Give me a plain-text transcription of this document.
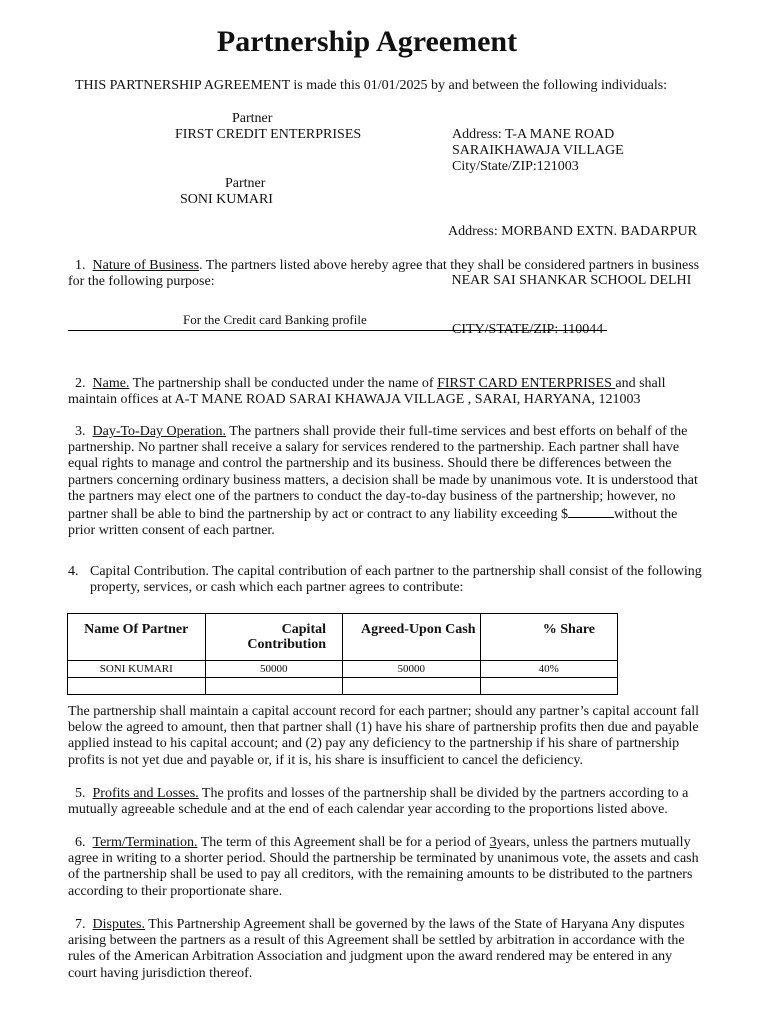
Partnership Agreement
THIS PARTNERSHIP AGREEMENT is made this 01/01/2025 by and between the following individuals:
Partner
FIRST CREDIT ENTERPRISES	Address: T-A MANE ROAD
SARAIKHAWAJA VILLAGE
City/State/ZIP:121003
Partner
SONI KUMARI

Address: MORBAND EXTN. BADARPUR

NEAR SAI SHANKAR SCHOOL DELHI

CITY/STATE/ZIP: 110044

1. Nature of Business. The partners listed above hereby agree that they shall be considered partners in business for the following purpose:
For the Credit card Banking profile
2. Name. The partnership shall be conducted under the name of FIRST CARD ENTERPRISES and shall maintain offices at A-T MANE ROAD SARAI KHAWAJA VILLAGE , SARAI, HARYANA, 121003
3. Day-To-Day Operation. The partners shall provide their full-time services and best efforts on behalf of the partnership. No partner shall receive a salary for services rendered to the partnership. Each partner shall have equal rights to manage and control the partnership and its business. Should there be differences between the partners concerning ordinary business matters, a decision shall be made by unanimous vote. It is understood that the partners may elect one of the partners to conduct the day-to-day business of the partnership; however, no partner shall be able to bind the partnership by act or contract to any liability exceeding $	without the prior written consent of each partner.
4. Capital Contribution. The capital contribution of each partner to the partnership shall consist of the following property, services, or cash which each partner agrees to contribute:
Name Of Partner	Capital Contribution	Agreed-Upon Cash	% Share
SONI KUMARI	50000	50000	40%

The partnership shall maintain a capital account record for each partner; should any partner’s capital account fall below the agreed to amount, then that partner shall (1) have his share of partnership profits then due and payable applied instead to his capital account; and (2) pay any deficiency to the partnership if his share of partnership profits is not yet due and payable or, if it is, his share is insufficient to cancel the deficiency.
5. Profits and Losses. The profits and losses of the partnership shall be divided by the partners according to a mutually agreeable schedule and at the end of each calendar year according to the proportions listed above.
6. Term/Termination. The term of this Agreement shall be for a period of 3years, unless the partners mutually agree in writing to a shorter period. Should the partnership be terminated by unanimous vote, the assets and cash of the partnership shall be used to pay all creditors, with the remaining amounts to be distributed to the partners according to their proportionate share.
7. Disputes. This Partnership Agreement shall be governed by the laws of the State of Haryana Any disputes arising between the partners as a result of this Agreement shall be settled by arbitration in accordance with the rules of the American Arbitration Association and judgment upon the award rendered may be entered in any court having jurisdiction thereof.
